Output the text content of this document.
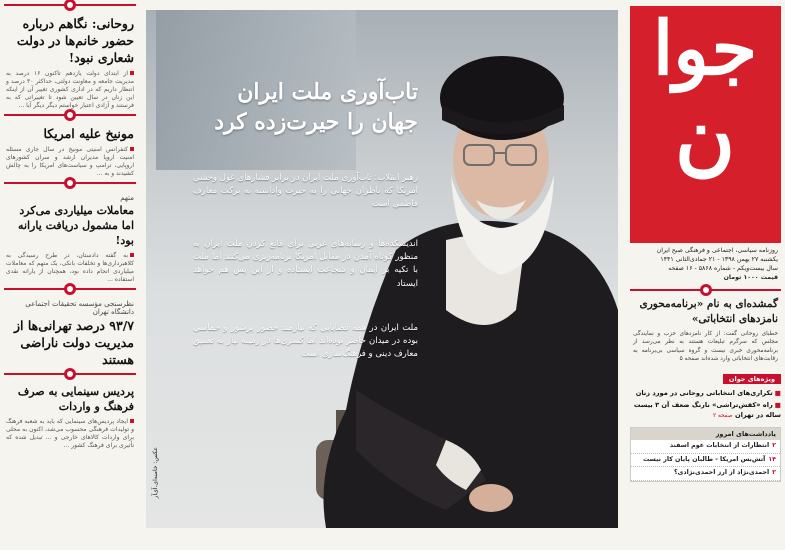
روحانی: نگاهم درباره حضور خانم‌ها در دولت شعاری نبود!
از ابتدای دولت یازدهم تاکنون ۱۶ درصد به مدیریت جامعه و معاونت دولتی، حداکثر ۳۰ درصد و انتظار داریم که در اداری کشوری تغییر آن از اینکه این زنان در سال تعیین شود تا تغییراتی که به فرستند و آزادی اعتبار خواستم دیگر دیگر آیا ...
مونیخ علیه امریکا
کنفرانس امنیتی مونیخ در سال جاری مسئله امنیت اروپا مدیران ارشد و سران کشورهای اروپایی، ترامپ و سیاست‌های امریکا را به چالش کشیدند و به ...
متهم
معاملات میلیاردی می‌کرد اما مشمول دریافت یارانه بود!
به گفته دادستان، در طرح رسیدگی به کلاهبرداری‌ها و تخلفات بانکی، یک متهم که معاملات میلیاردی انجام داده بود، همچنان از یارانه نقدی استفاده ...
نظرسنجی مؤسسه تحقیقات اجتماعی دانشگاه تهران
۹۳/۷ درصد تهرانی‌ها از مدیریت دولت ناراضی هستند
پردیس سینمایی به صرف فرهنگ و واردات
ایجاد پردیس‌های سینمایی که باید به شعبه فرهنگ و تولیدات فرهنگی محسوب می‌شد، اکنون به محلی برای واردات کالاهای خارجی و ... تبدیل شده که تأثیری برای فرهنگ کشور ...
تاب‌آوری ملت ایران
جهان را حیرت‌زده کرد
رهبر انقلاب: تاب‌آوری ملت ایران در برابر فشارهای غول وحشی امریکا که ناظران جهانی را به حیرت واداشته به برکت معارف فاطمی است
اندیشکده‌ها و رسانه‌های غربی برای قانع کردن ملت ایران به منظور کوتاه آمدن در مقابل امریکا برنامه‌ریزی می‌کنند اما ملت با تکیه بر ایمان و شجاعت ایستاده و از این پس هم خواهد ایستاد
ملت ایران در همه قضایایی که نیازمند حضور پرشور و حماسی بوده در میدان حاضر بوده‌اند اما کسری‌ها در زمینه نیاز به تعمیق معارف دینی و فرهنگ‌سازی است
عکس: خامنه‌ای.آی‌آر
جوا
ن
روزنامه سیاسی، اجتماعی و فرهنگی صبح ایران
یکشنبه ۲۷ بهمن ۱۳۹۸ - ۲۱ جمادی‌الثانی ۱۴۴۱
سال بیست‌ویکم - شماره ۵۸۶۸ - ۱۶ صفحه
قیمت ۱۰۰۰ تومان
گمشده‌ای به نام «برنامه‌محوری نامزدهای انتخاباتی»
خطبای روحانی گفت: از کار نامزدهای حزب و نمایندگی مجلس که سرگرم تبلیغات هستند به نظر می‌رسد از برنامه‌محوری خبری نیست و گروه سیاسی بی‌برنامه به رقابت‌های انتخاباتی وارد شده‌اند صفحه ۵
ویژه‌های جوان
■تکراری‌های انتخاباتی روحانی در مورد زنان
■راه «کفش‌تراشی» نارنگ ضعف آن ۳ بیست ساله در تهران صفحه ۲
یادداشت‌های امروز
۲انتظارات از انتخابات عوم اسفند
۱۴آتش‌بس امریکا - طالبان پایان کار نیست
۲احمدی‌نژاد از ارز احمدی‌نژادی؟
